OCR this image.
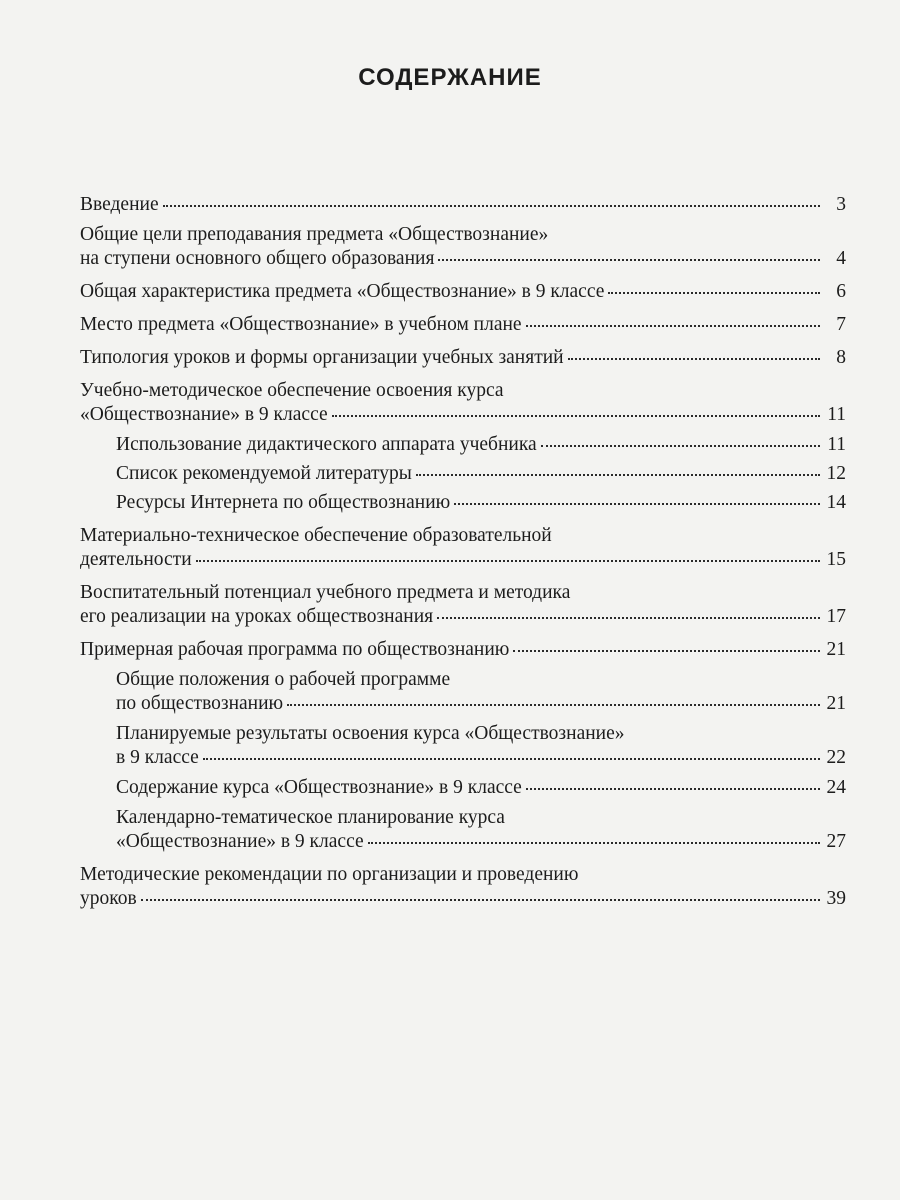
СОДЕРЖАНИЕ
Введение	3
Общие цели преподавания предмета «Обществознание»
на ступени основного общего образования	4
Общая характеристика предмета «Обществознание» в 9 классе	6
Место предмета «Обществознание» в учебном плане	7
Типология уроков и формы организации учебных занятий	8
Учебно-методическое обеспечение освоения курса
«Обществознание» в 9 классе	11
Использование дидактического аппарата учебника	11
Список рекомендуемой литературы	12
Ресурсы Интернета по обществознанию	14
Материально-техническое обеспечение образовательной
деятельности	15
Воспитательный потенциал учебного предмета и методика
его реализации на уроках обществознания	17
Примерная рабочая программа по обществознанию	21
Общие положения о рабочей программе
по обществознанию	21
Планируемые результаты освоения курса «Обществознание»
в 9 классе	22
Содержание курса «Обществознание» в 9 классе	24
Календарно-тематическое планирование курса
«Обществознание» в 9 классе	27
Методические рекомендации по организации и проведению
уроков	39
